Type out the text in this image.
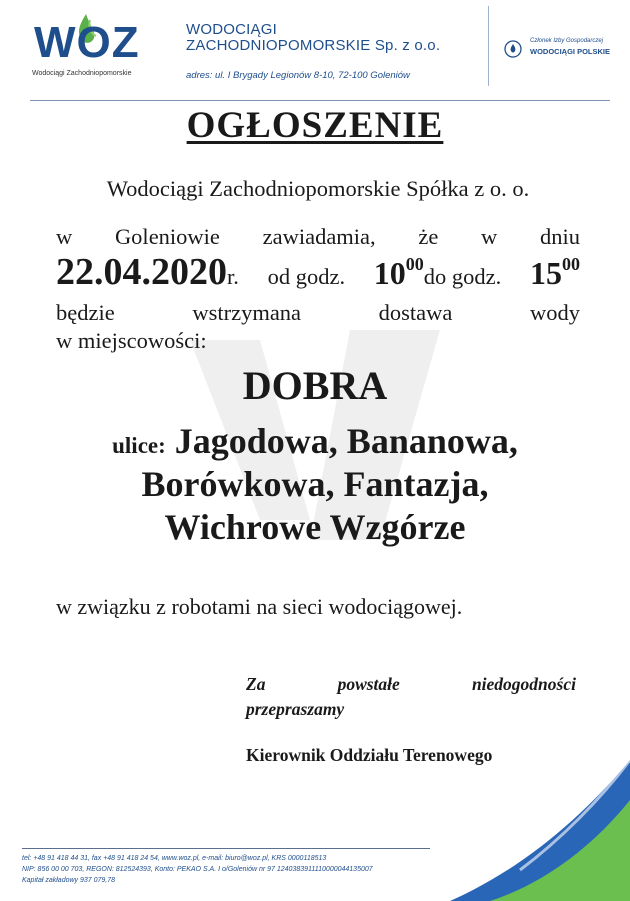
WOZ
Wodociągi Zachodniopomorskie
WODOCIĄGI
ZACHODNIOPOMORSKIE Sp. z o.o.
adres: ul. I Brygady Legionów 8-10, 72-100 Goleniów
Członek Izby Gospodarczej
WODOCIĄGI POLSKIE
OGŁOSZENIE
Wodociągi Zachodniopomorskie Spółka z o. o.
w Goleniowie zawiadamia, że w dniu
22.04.2020r. od godz. $10^{00}do$ godz. $15^{00}$
będzie	wstrzymana	dostawa	wody
w miejscowości:
DOBRA
ulice: Jagodowa, Bananowa,
Borówkowa, Fantazja,
Wichrowe Wzgórze
w związku z robotami na sieci wodociągowej.
Za	powstałe	niedogodności
przepraszamy
Kierownik Oddziału Terenowego
tel: +48 91 418 44 31, fax +48 91 418 24 54, www.woz.pl, e-mail: biuro@woz.pl, KRS 0000118513
NIP: 856 00 00 703, REGON: 812524393, Konto: PEKAO S.A. I o/Goleniów nr 97 1240383911110000044135007
Kapitał zakładowy 937 079,78
